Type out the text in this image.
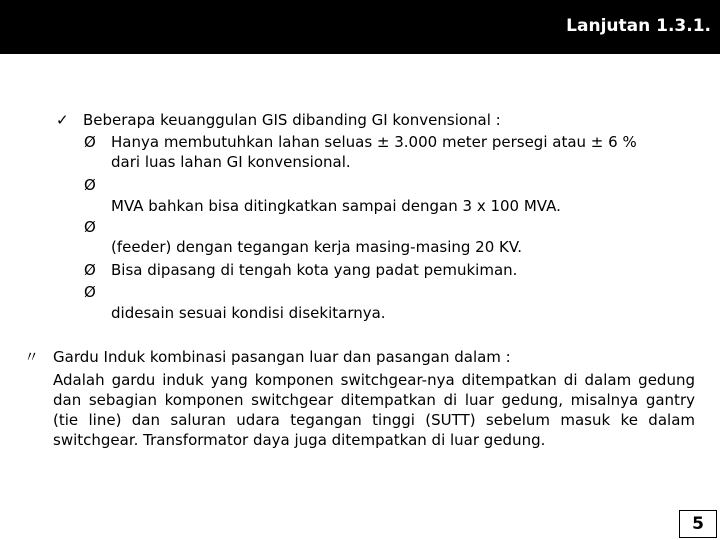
Lanjutan 1.3.1.
✓ Beberapa keuanggulan GIS dibanding GI konvensional :
Ø Hanya membutuhkan lahan seluas ± 3.000 meter persegi atau ± 6 %
dari luas lahan GI konvensional.
Ø
MVA bahkan bisa ditingkatkan sampai dengan 3 x 100 MVA.
Ø
(feeder) dengan tegangan kerja masing-masing 20 KV.
Ø Bisa dipasang di tengah kota yang padat pemukiman.
Ø
didesain sesuai kondisi disekitarnya.
〃 Gardu Induk kombinasi pasangan luar dan pasangan dalam :
Adalah gardu induk yang komponen switchgear-nya ditempatkan di dalam gedung dan sebagian komponen switchgear ditempatkan di luar gedung, misalnya gantry (tie line) dan saluran udara tegangan tinggi (SUTT) sebelum masuk ke dalam switchgear. Transformator daya juga ditempatkan di luar gedung.
5
